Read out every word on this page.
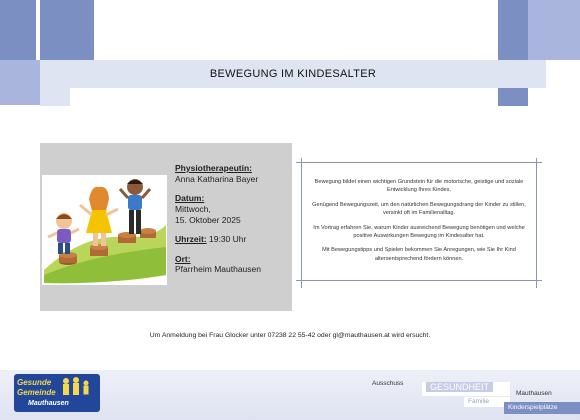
BEWEGUNG IM KINDESALTER
Physiotherapeutin:
Anna Katharina Bayer
Datum:
Mittwoch,
15. Oktober 2025
Uhrzeit: 19:30 Uhr
Ort:
Pfarrheim Mauthausen

Bewegung bildet einen wichtigen Grundstein für die motorische, geistige und soziale Entwicklung Ihres Kindes.

Genügend Bewegungszeit, um den natürlichen Bewegungsdrang der Kinder zu stillen, versinkt oft im Familienalltag.

Im Vortrag erfahren Sie, warum Kinder ausreichend Bewegung benötigen und welche positive Auswirkungen Bewegung im Kindesalter hat.

Mit Bewegungstipps und Spielen bekommen Sie Anregungen, wie Sie Ihr Kind altersentsprechend fördern können.

Um Anmeldung bei Frau Glocker unter 07238 22 55-42 oder gl@mauthausen.at wird ersucht.
Gesunde
Gemeinde
Mauthausen
Ausschuss	GESUNDHEIT
Mauthausen
Familie
Kinderspielplätze
